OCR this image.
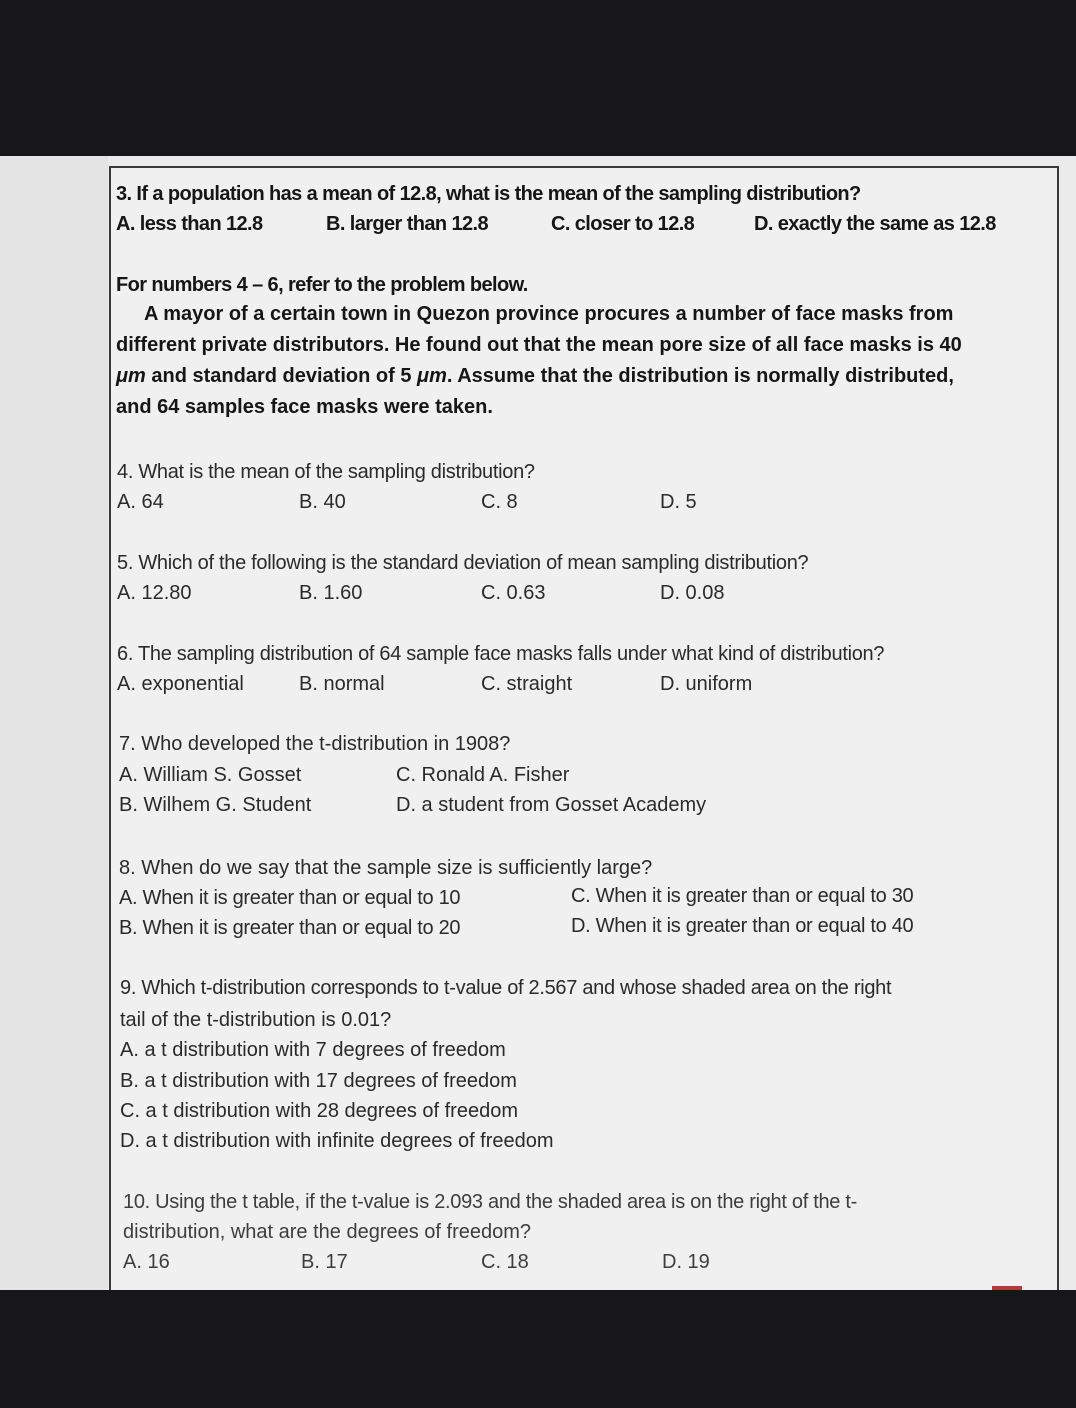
3. If a population has a mean of 12.8, what is the mean of the sampling distribution?
A. less than 12.8	B. larger than 12.8	C. closer to 12.8	D. exactly the same as 12.8
For numbers 4 – 6, refer to the problem below.
A mayor of a certain town in Quezon province procures a number of face masks from
different private distributors. He found out that the mean pore size of all face masks is 40
μm and standard deviation of 5 μm. Assume that the distribution is normally distributed,
and 64 samples face masks were taken.
4. What is the mean of the sampling distribution?
A. 64	B. 40	C. 8	D. 5
5. Which of the following is the standard deviation of mean sampling distribution?
A. 12.80	B. 1.60	C. 0.63	D. 0.08
6. The sampling distribution of 64 sample face masks falls under what kind of distribution?
A. exponential	B. normal	C. straight	D. uniform
7. Who developed the t-distribution in 1908?
A. William S. Gosset	C. Ronald A. Fisher
B. Wilhem G. Student	D. a student from Gosset Academy
8. When do we say that the sample size is sufficiently large?
A. When it is greater than or equal to 10	C. When it is greater than or equal to 30
B. When it is greater than or equal to 20	D. When it is greater than or equal to 40
9. Which t-distribution corresponds to t-value of 2.567 and whose shaded area on the right
tail of the t-distribution is 0.01?
A. a t distribution with 7 degrees of freedom
B. a t distribution with 17 degrees of freedom
C. a t distribution with 28 degrees of freedom
D. a t distribution with infinite degrees of freedom
10. Using the t table, if the t-value is 2.093 and the shaded area is on the right of the t-
distribution, what are the degrees of freedom?
A. 16	B. 17	C. 18	D. 19
